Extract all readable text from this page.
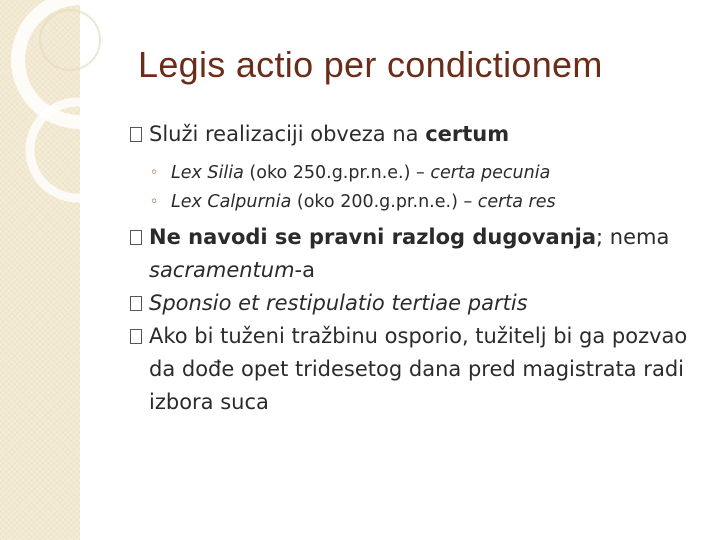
Legis actio per condictionem
Služi realizaciji obveza na certum
◦ Lex Silia (oko 250.g.pr.n.e.) – certa pecunia
◦ Lex Calpurnia (oko 200.g.pr.n.e.) – certa res
Ne navodi se pravni razlog dugovanja; nema sacramentum-a
Sponsio et restipulatio tertiae partis
Ako bi tuženi tražbinu osporio, tužitelj bi ga pozvao da dođe opet tridesetog dana pred magistrata radi izbora suca
